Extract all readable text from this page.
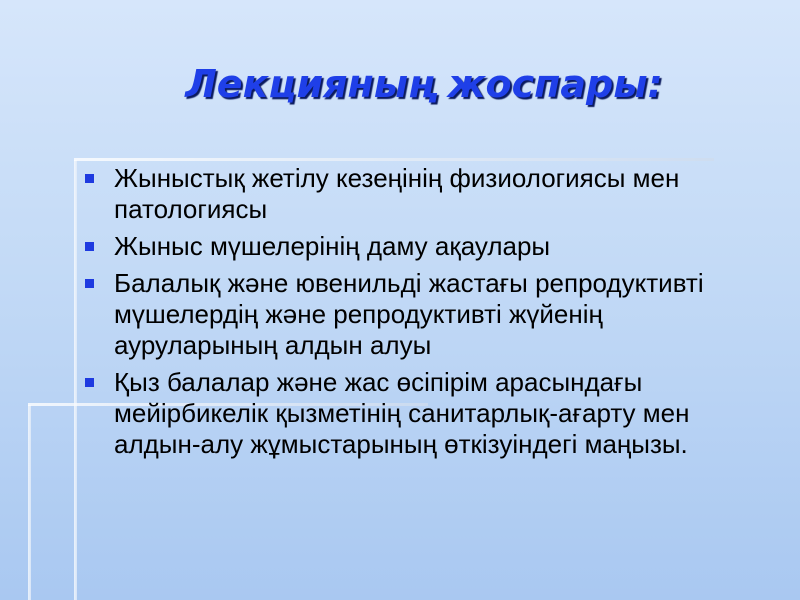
Лекцияның жоспары:
Жыныстық жетілу кезеңінің физиологиясы мен патологиясы
Жыныс мүшелерінің даму ақаулары
Балалық және ювенильді жастағы репродуктивті мүшелердің және репродуктивті жүйенің ауруларының алдын алуы
Қыз балалар және жас өсіпірім арасындағы мейірбикелік қызметінің санитарлық-ағарту мен алдын-алу жұмыстарының өткізуіндегі маңызы.
